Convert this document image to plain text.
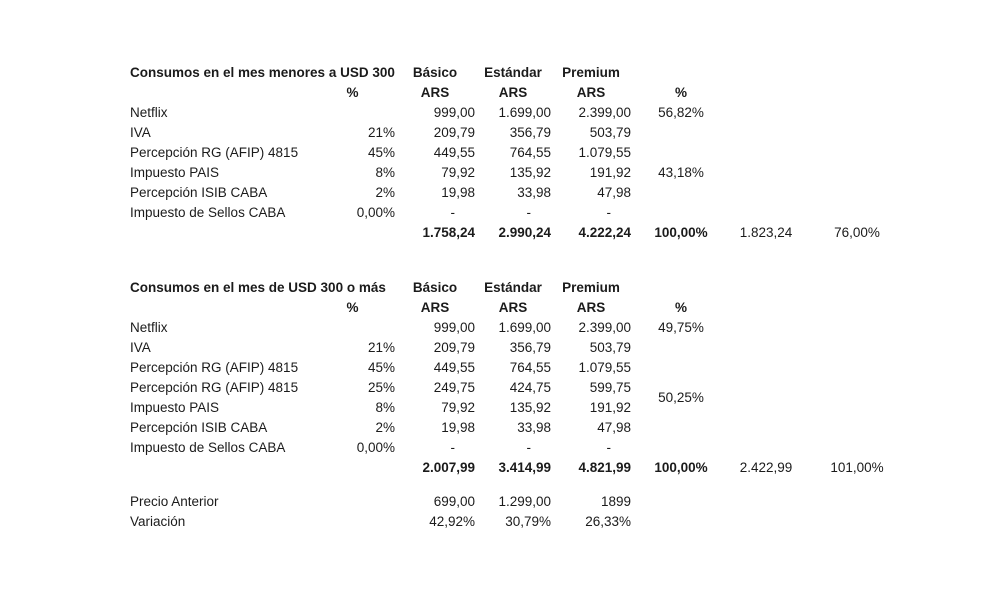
Consumos en el mes menores a USD 300		Básico	Estándar	Premium			
	%	ARS	ARS	ARS	%		
Netflix		999,00	1.699,00	2.399,00	56,82%		
IVA	21%	209,79	356,79	503,79			
Percepción RG (AFIP) 4815	45%	449,55	764,55	1.079,55			
Impuesto PAIS	8%	79,92	135,92	191,92	43,18%		
Percepción ISIB CABA	2%	19,98	33,98	47,98			
Impuesto de Sellos CABA	0,00%	-	-	-			
		1.758,24	2.990,24	4.222,24	100,00%	1.823,24	76,00%
Consumos en el mes de USD 300 o más		Básico	Estándar	Premium			
	%	ARS	ARS	ARS	%		
Netflix		999,00	1.699,00	2.399,00	49,75%		
IVA	21%	209,79	356,79	503,79			
Percepción RG (AFIP) 4815	45%	449,55	764,55	1.079,55			
Percepción RG (AFIP) 4815	25%	249,75	424,75	599,75	50,25%		
Impuesto PAIS	8%	79,92	135,92	191,92			
Percepción ISIB CABA	2%	19,98	33,98	47,98			
Impuesto de Sellos CABA	0,00%	-	-	-			
		2.007,99	3.414,99	4.821,99	100,00%	2.422,99	101,00%
Precio Anterior		699,00	1.299,00	1899			
Variación		42,92%	30,79%	26,33%			
